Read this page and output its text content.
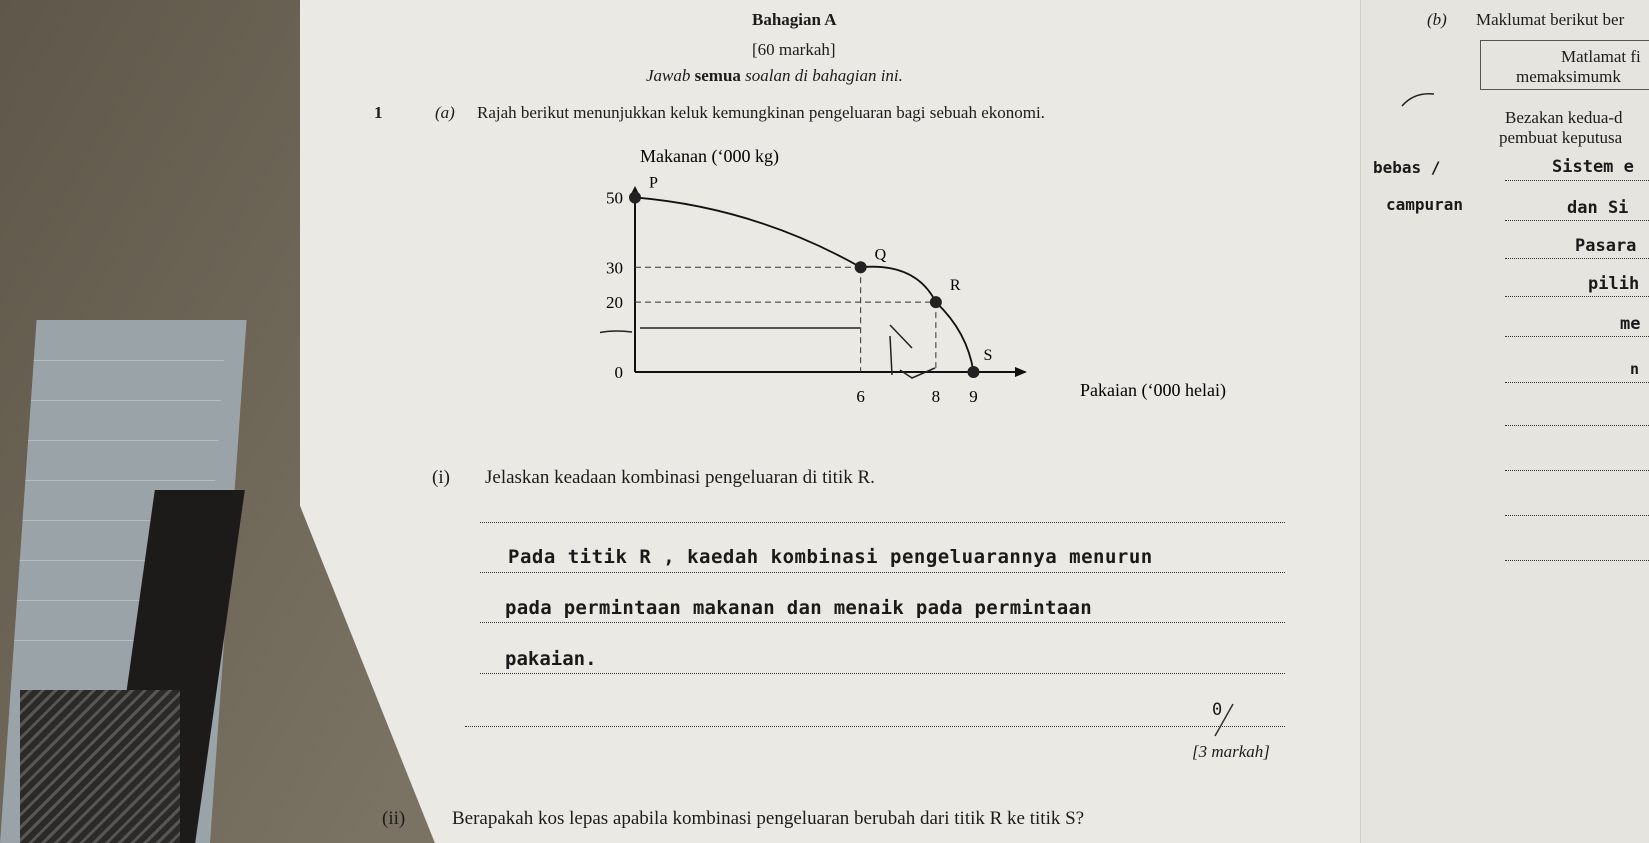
Bahagian A
[60 markah]
Jawab semua soalan di bahagian ini.
1	(a) Rajah berikut menunjukkan keluk kemungkinan pengeluaran bagi sebuah ekonomi.
Makanan (‘000 kg)
Pakaian (‘000 helai)
0
20
30
50
6	8 9
P
Q
R
S
(i) Jelaskan keadaan kombinasi pengeluaran di titik R.
Pada titik R , kaedah kombinasi pengeluarannya menurun
pada permintaan makanan dan menaik pada permintaan
pakaian.
0
[3 markah]
(ii) Berapakah kos lepas apabila kombinasi pengeluaran berubah dari titik R ke titik S?
(b) Maklumat berikut ber
Matlamat fi
memaksimumk
Bezakan kedua-d
pembuat keputusa
bebas /
campuran
Sistem e
dan Si
Pasara
pilih
me
n
